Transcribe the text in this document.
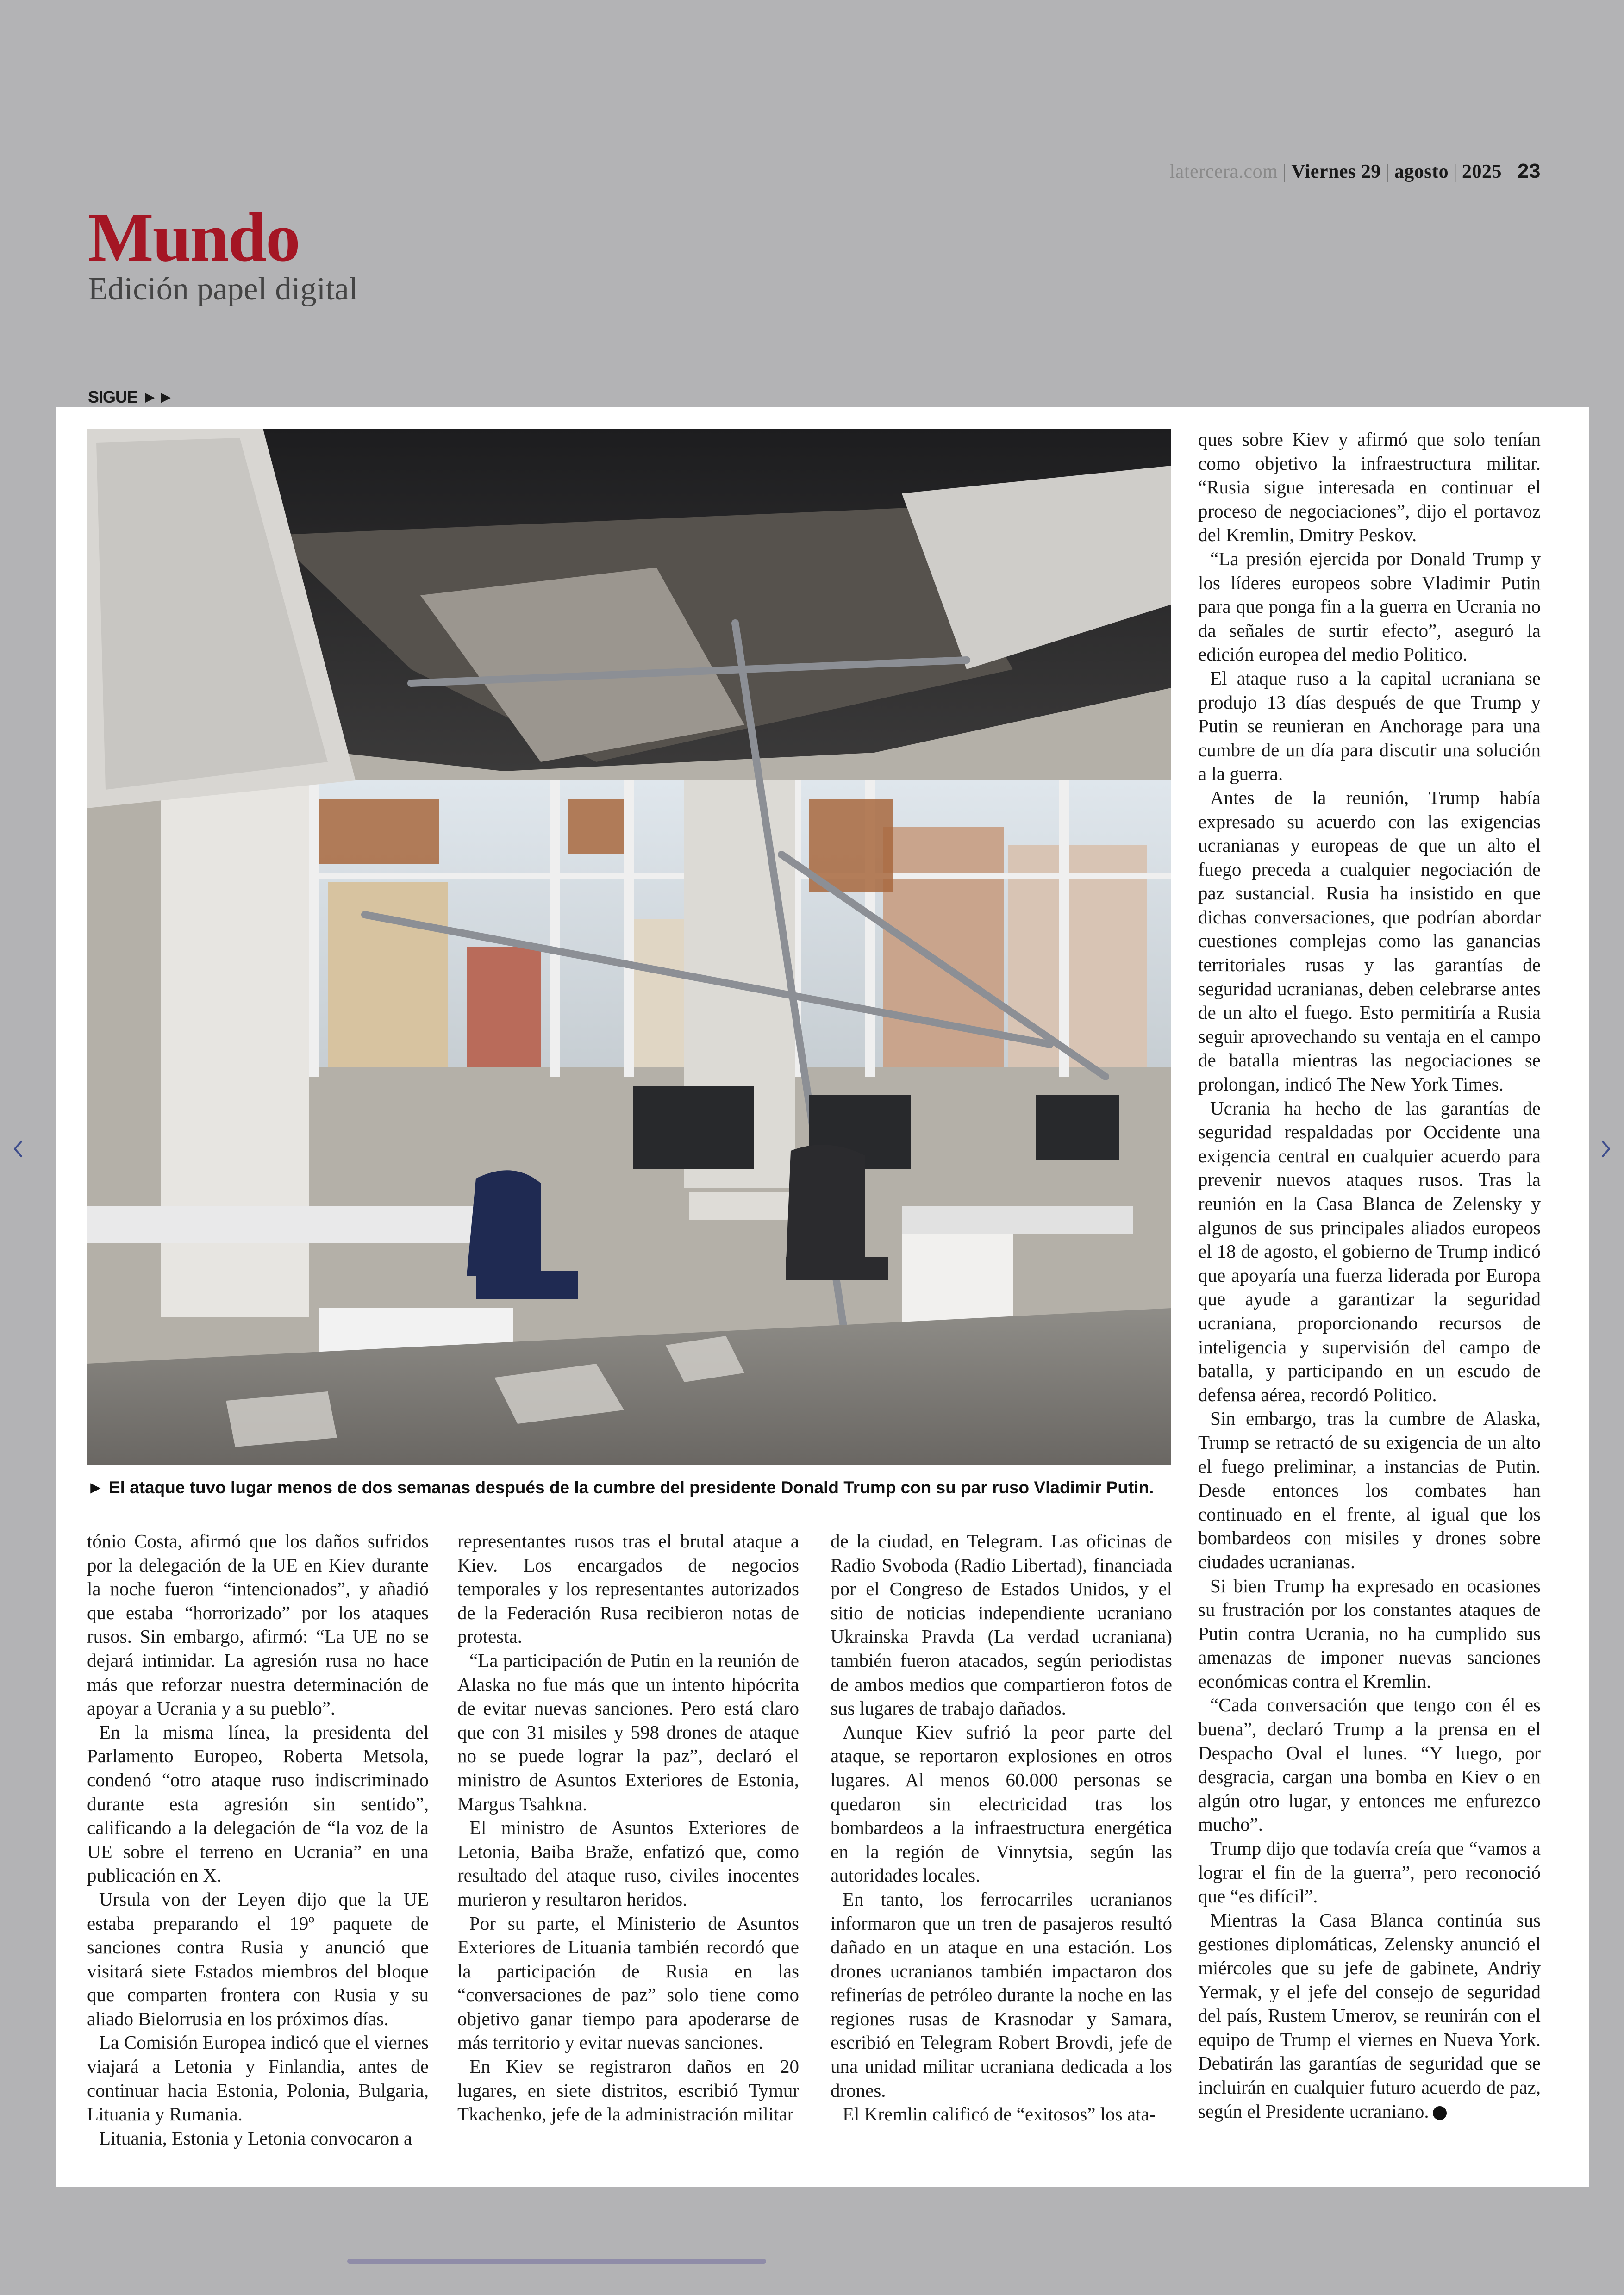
latercera.com | Viernes 29 | agosto | 2025 23
Mundo
Edición papel digital
SIGUE ►►
► El ataque tuvo lugar menos de dos semanas después de la cumbre del presidente Donald Trump con su par ruso Vladimir Putin.

tónio Costa, afirmó que los daños sufridos por la delegación de la UE en Kiev durante la noche fueron “intencionados”, y añadió que estaba “horrorizado” por los ataques rusos. Sin embargo, afirmó: “La UE no se dejará intimidar. La agresión rusa no hace más que reforzar nuestra determinación de apoyar a Ucrania y a su pueblo”.

En la misma línea, la presidenta del Parlamento Europeo, Roberta Metsola, condenó “otro ataque ruso indiscriminado durante esta agresión sin sentido”, calificando a la delegación de “la voz de la UE sobre el terreno en Ucrania” en una publicación en X.

Ursula von der Leyen dijo que la UE estaba preparando el 19º paquete de sanciones contra Rusia y anunció que visitará siete Estados miembros del bloque que comparten frontera con Rusia y su aliado Bielorrusia en los próximos días.

La Comisión Europea indicó que el viernes viajará a Letonia y Finlandia, antes de continuar hacia Estonia, Polonia, Bulgaria, Lituania y Rumania.

Lituania, Estonia y Letonia convocaron a

representantes rusos tras el brutal ataque a Kiev. Los encargados de negocios temporales y los representantes autorizados de la Federación Rusa recibieron notas de protesta.

“La participación de Putin en la reunión de Alaska no fue más que un intento hipócrita de evitar nuevas sanciones. Pero está claro que con 31 misiles y 598 drones de ataque no se puede lograr la paz”, declaró el ministro de Asuntos Exteriores de Estonia, Margus Tsahkna.

El ministro de Asuntos Exteriores de Letonia, Baiba Braže, enfatizó que, como resultado del ataque ruso, civiles inocentes murieron y resultaron heridos.

Por su parte, el Ministerio de Asuntos Exteriores de Lituania también recordó que la participación de Rusia en las “conversaciones de paz” solo tiene como objetivo ganar tiempo para apoderarse de más territorio y evitar nuevas sanciones.

En Kiev se registraron daños en 20 lugares, en siete distritos, escribió Tymur Tkachenko, jefe de la administración militar

de la ciudad, en Telegram. Las oficinas de Radio Svoboda (Radio Libertad), financiada por el Congreso de Estados Unidos, y el sitio de noticias independiente ucraniano Ukrainska Pravda (La verdad ucraniana) también fueron atacados, según periodistas de ambos medios que compartieron fotos de sus lugares de trabajo dañados.

Aunque Kiev sufrió la peor parte del ataque, se reportaron explosiones en otros lugares. Al menos 60.000 personas se quedaron sin electricidad tras los bombardeos a la infraestructura energética en la región de Vinnytsia, según las autoridades locales.

En tanto, los ferrocarriles ucranianos informaron que un tren de pasajeros resultó dañado en un ataque en una estación. Los drones ucranianos también impactaron dos refinerías de petróleo durante la noche en las regiones rusas de Krasnodar y Samara, escribió en Telegram Robert Brovdi, jefe de una unidad militar ucraniana dedicada a los drones.

El Kremlin calificó de “exitosos” los ata-

ques sobre Kiev y afirmó que solo tenían como objetivo la infraestructura militar. “Rusia sigue interesada en continuar el proceso de negociaciones”, dijo el portavoz del Kremlin, Dmitry Peskov.

“La presión ejercida por Donald Trump y los líderes europeos sobre Vladimir Putin para que ponga fin a la guerra en Ucrania no da señales de surtir efecto”, aseguró la edición europea del medio Politico.

El ataque ruso a la capital ucraniana se produjo 13 días después de que Trump y Putin se reunieran en Anchorage para una cumbre de un día para discutir una solución a la guerra.

Antes de la reunión, Trump había expresado su acuerdo con las exigencias ucranianas y europeas de que un alto el fuego preceda a cualquier negociación de paz sustancial. Rusia ha insistido en que dichas conversaciones, que podrían abordar cuestiones complejas como las ganancias territoriales rusas y las garantías de seguridad ucranianas, deben celebrarse antes de un alto el fuego. Esto permitiría a Rusia seguir aprovechando su ventaja en el campo de batalla mientras las negociaciones se prolongan, indicó The New York Times.

Ucrania ha hecho de las garantías de seguridad respaldadas por Occidente una exigencia central en cualquier acuerdo para prevenir nuevos ataques rusos. Tras la reunión en la Casa Blanca de Zelensky y algunos de sus principales aliados europeos el 18 de agosto, el gobierno de Trump indicó que apoyaría una fuerza liderada por Europa que ayude a garantizar la seguridad ucraniana, proporcionando recursos de inteligencia y supervisión del campo de batalla, y participando en un escudo de defensa aérea, recordó Politico.

Sin embargo, tras la cumbre de Alaska, Trump se retractó de su exigencia de un alto el fuego preliminar, a instancias de Putin. Desde entonces los combates han continuado en el frente, al igual que los bombardeos con misiles y drones sobre ciudades ucranianas.

Si bien Trump ha expresado en ocasiones su frustración por los constantes ataques de Putin contra Ucrania, no ha cumplido sus amenazas de imponer nuevas sanciones económicas contra el Kremlin.

“Cada conversación que tengo con él es buena”, declaró Trump a la prensa en el Despacho Oval el lunes. “Y luego, por desgracia, cargan una bomba en Kiev o en algún otro lugar, y entonces me enfurezco mucho”.

Trump dijo que todavía creía que “vamos a lograr el fin de la guerra”, pero reconoció que “es difícil”.

Mientras la Casa Blanca continúa sus gestiones diplomáticas, Zelensky anunció el miércoles que su jefe de gabinete, Andriy Yermak, y el jefe del consejo de seguridad del país, Rustem Umerov, se reunirán con el equipo de Trump el viernes en Nueva York. Debatirán las garantías de seguridad que se incluirán en cualquier futuro acuerdo de paz, según el Presidente ucraniano.
